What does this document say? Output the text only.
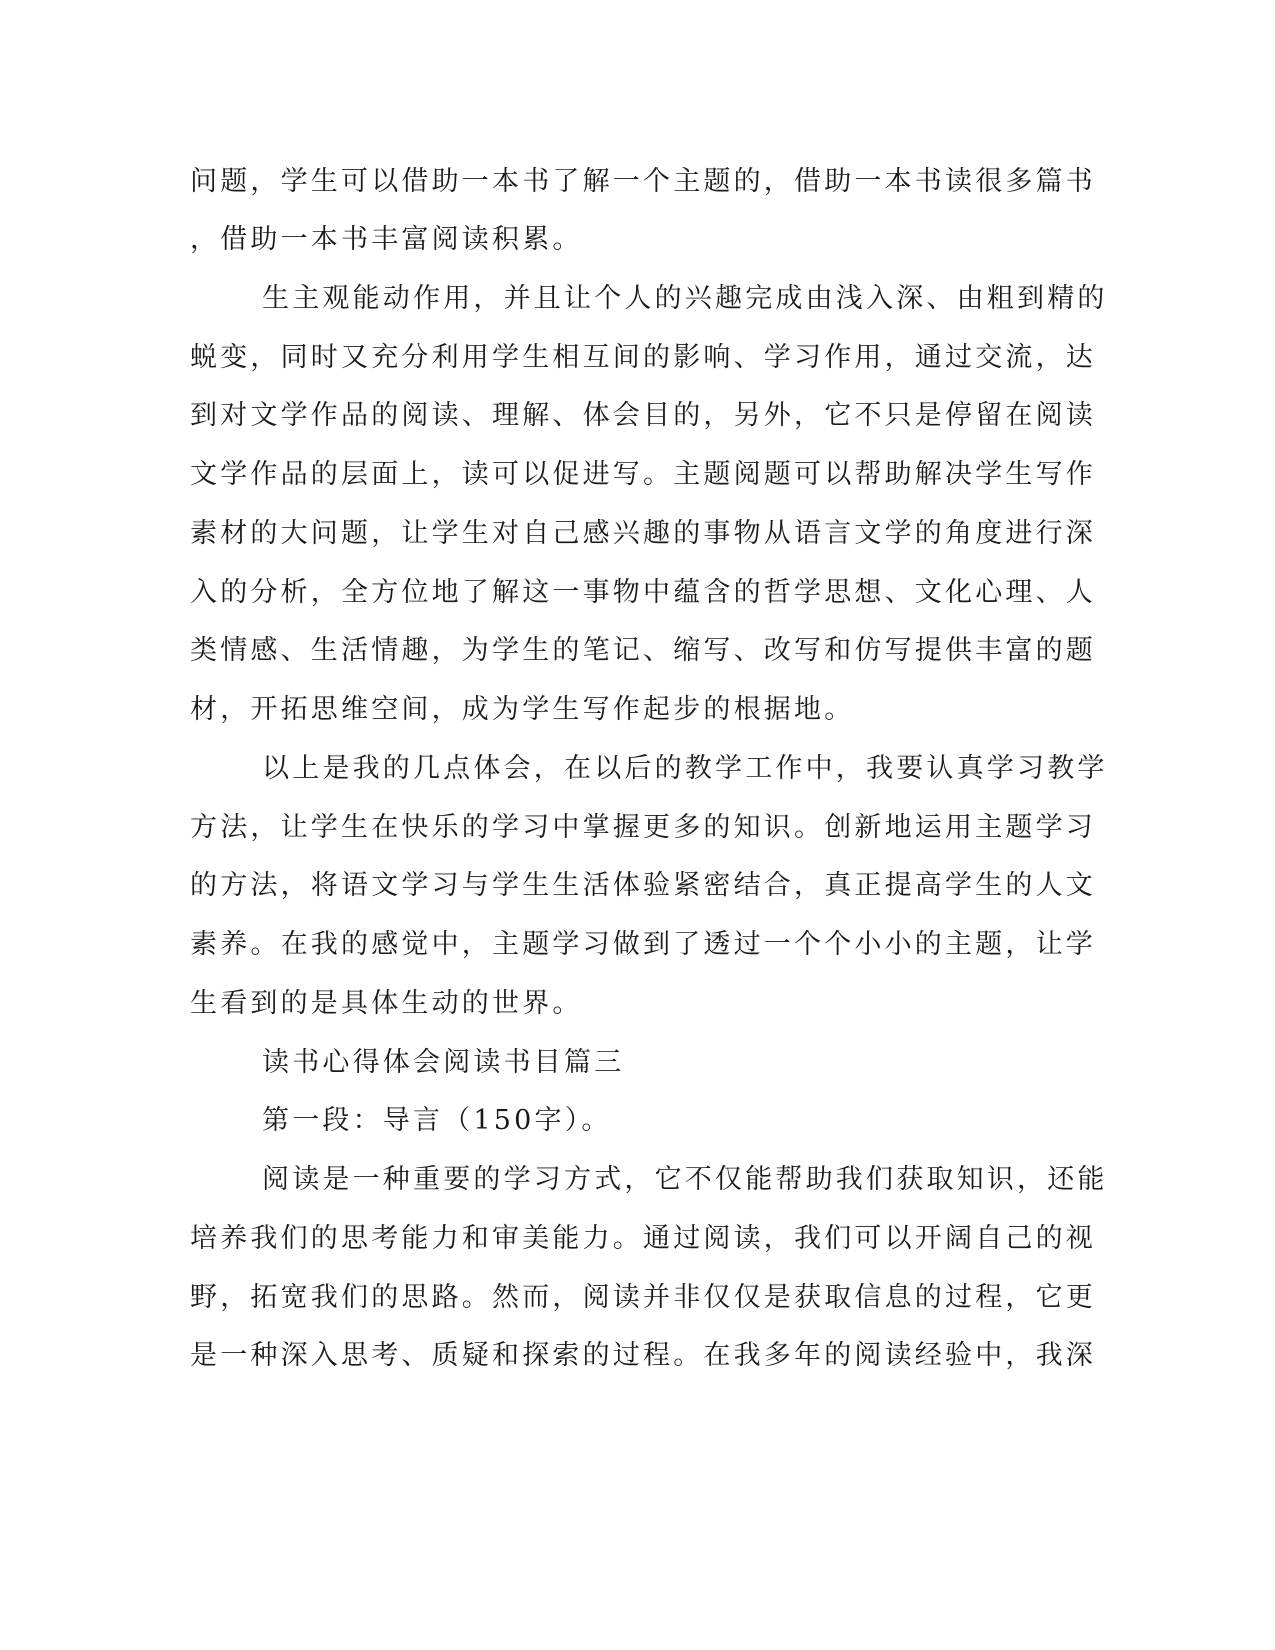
问题，学生可以借助一本书了解一个主题的，借助一本书读很多篇书
，借助一本书丰富阅读积累。
生主观能动作用，并且让个人的兴趣完成由浅入深、由粗到精的
蜕变，同时又充分利用学生相互间的影响、学习作用，通过交流，达
到对文学作品的阅读、理解、体会目的，另外，它不只是停留在阅读
文学作品的层面上，读可以促进写。主题阅题可以帮助解决学生写作
素材的大问题，让学生对自己感兴趣的事物从语言文学的角度进行深
入的分析，全方位地了解这一事物中蕴含的哲学思想、文化心理、人
类情感、生活情趣，为学生的笔记、缩写、改写和仿写提供丰富的题
材，开拓思维空间，成为学生写作起步的根据地。
以上是我的几点体会，在以后的教学工作中，我要认真学习教学
方法，让学生在快乐的学习中掌握更多的知识。创新地运用主题学习
的方法，将语文学习与学生生活体验紧密结合，真正提高学生的人文
素养。在我的感觉中，主题学习做到了透过一个个小小的主题，让学
生看到的是具体生动的世界。
读书心得体会阅读书目篇三
第一段：导言（150字）。
阅读是一种重要的学习方式，它不仅能帮助我们获取知识，还能
培养我们的思考能力和审美能力。通过阅读，我们可以开阔自己的视
野，拓宽我们的思路。然而，阅读并非仅仅是获取信息的过程，它更
是一种深入思考、质疑和探索的过程。在我多年的阅读经验中，我深
